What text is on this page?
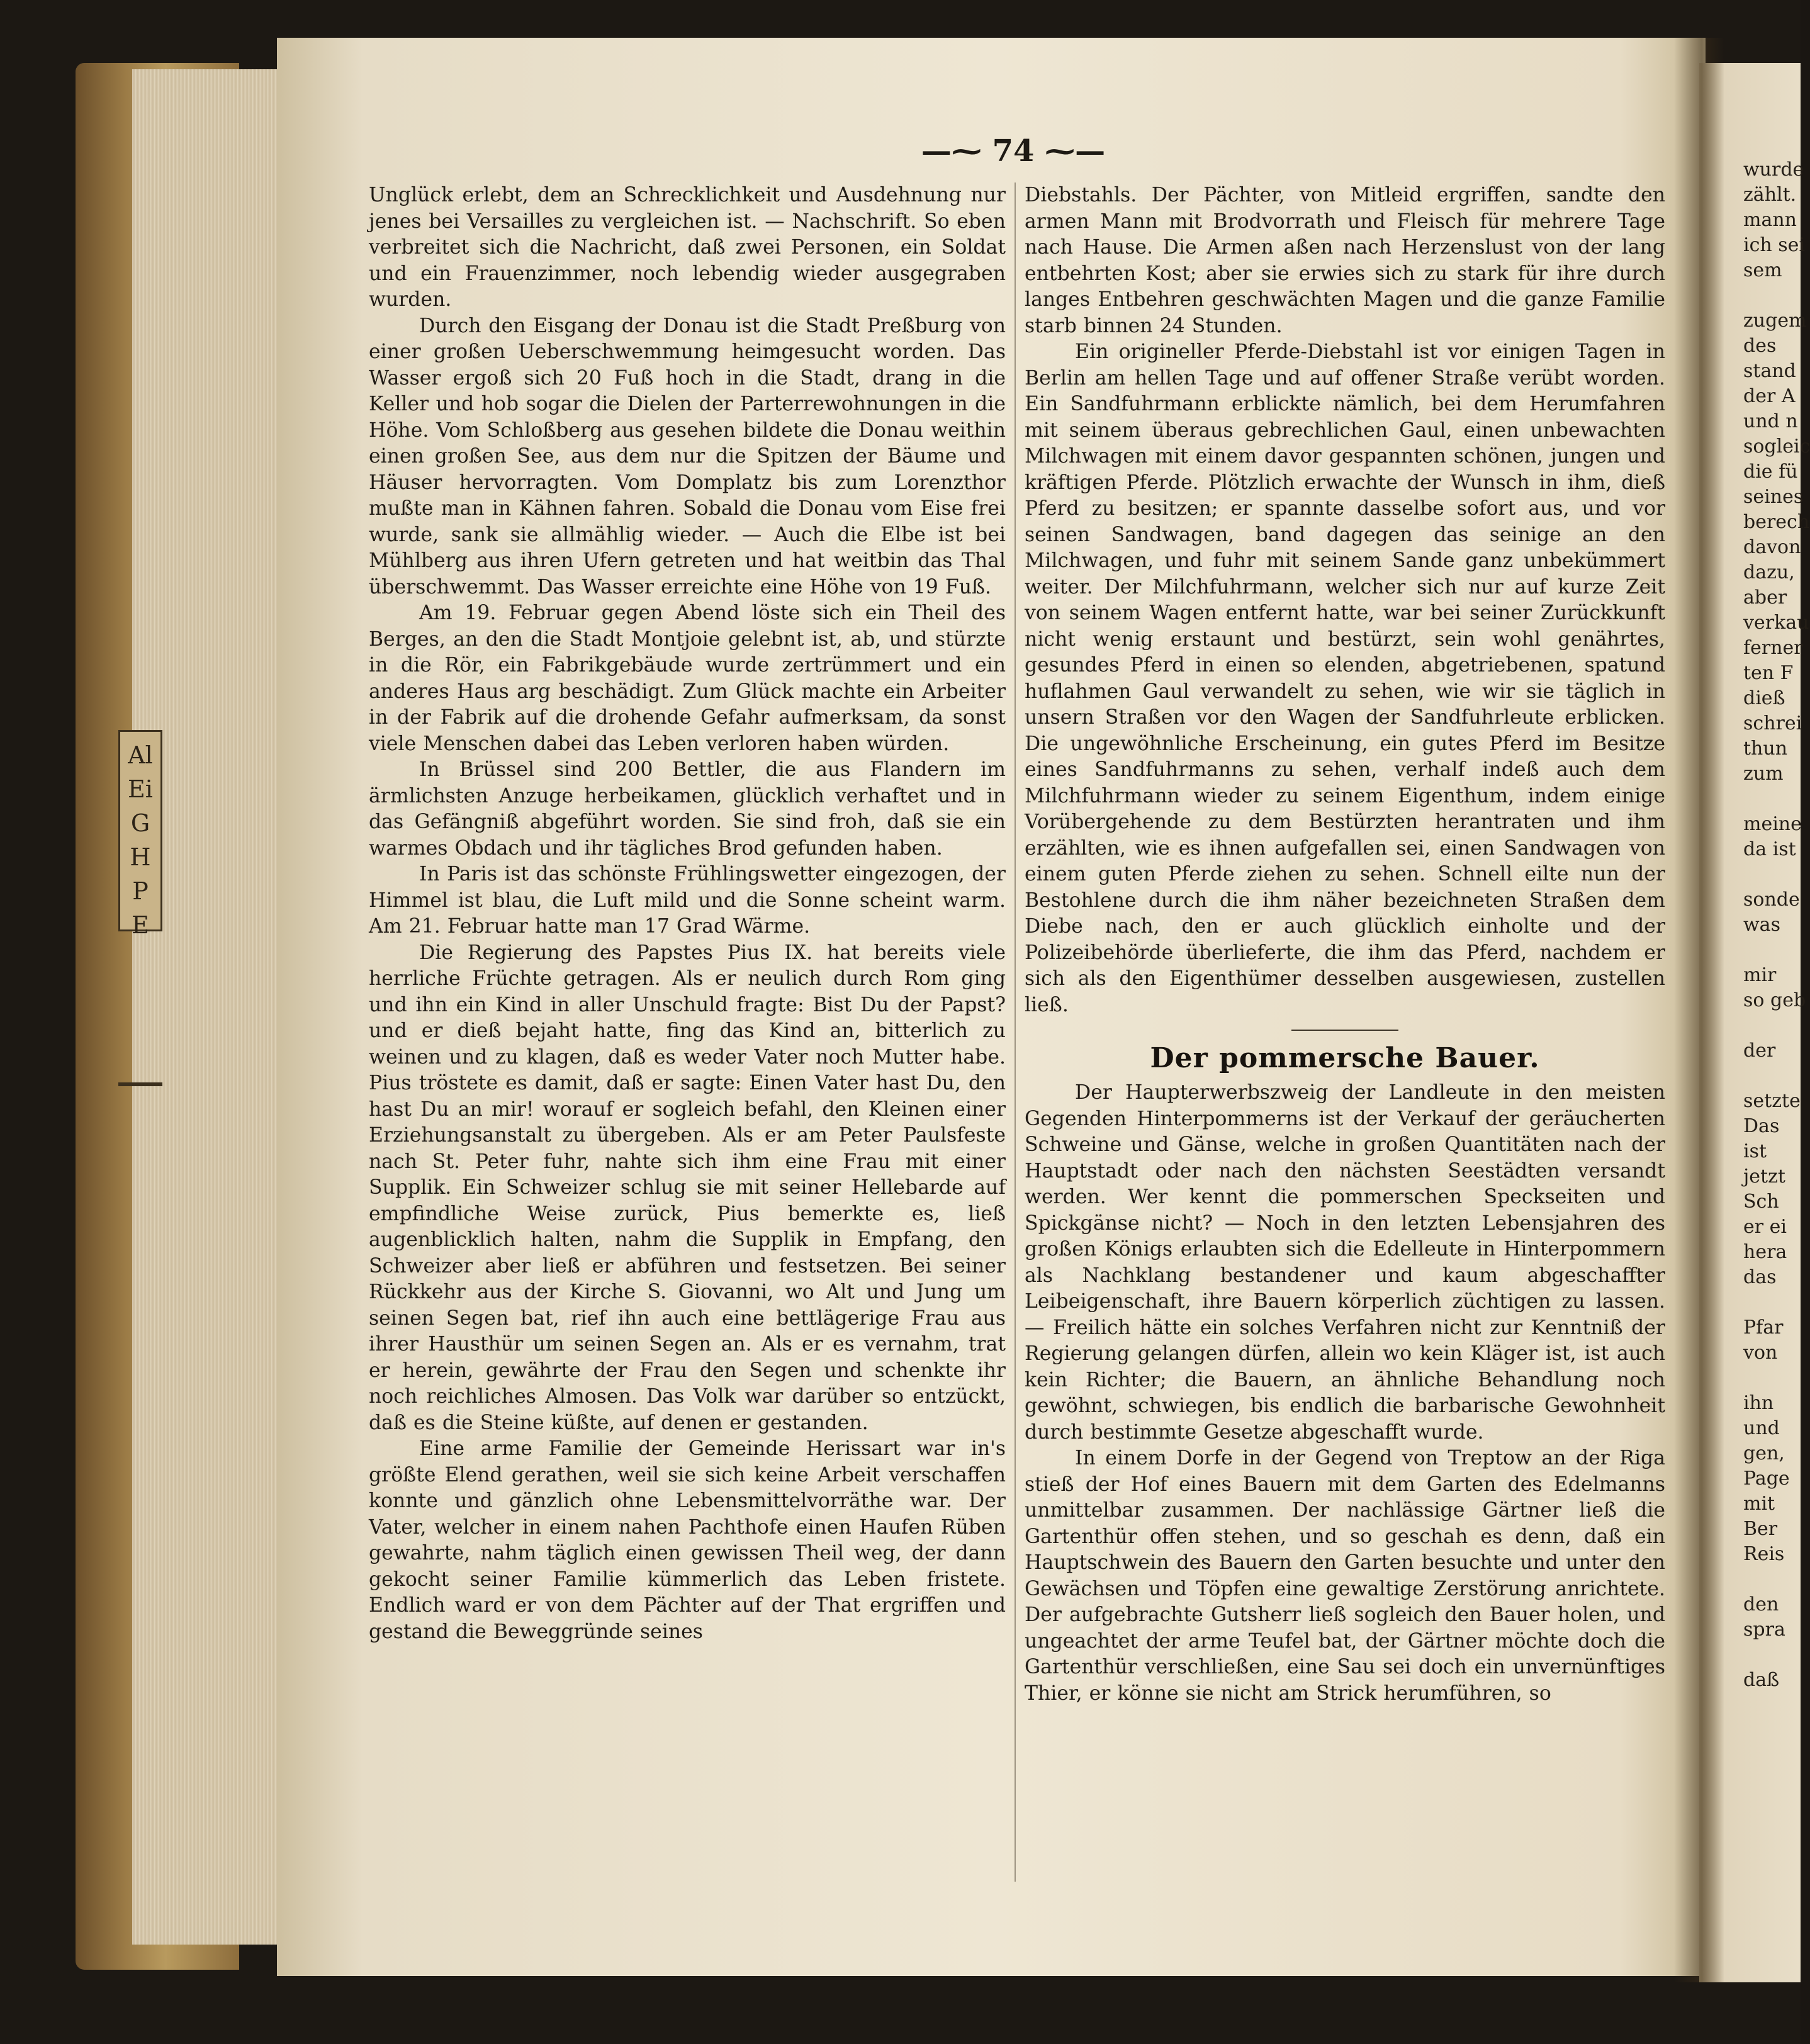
Al
Ei
G
H
P
E
—⁓ 74 ⁓—

Unglück erlebt, dem an Schrecklichkeit und Ausdehnung nur jenes bei Versailles zu vergleichen ist. — Nachschrift. So eben verbreitet sich die Nachricht, daß zwei Personen, ein Soldat und ein Frauenzimmer, noch lebendig wieder ausgegraben wurden.

Durch den Eisgang der Donau ist die Stadt Preßburg von einer großen Ueberschwemmung heimgesucht worden. Das Wasser ergoß sich 20 Fuß hoch in die Stadt, drang in die Keller und hob sogar die Dielen der Parterrewohnungen in die Höhe. Vom Schloßberg aus gesehen bildete die Donau weithin einen großen See, aus dem nur die Spitzen der Bäume und Häuser hervorragten. Vom Domplatz bis zum Lorenzthor mußte man in Kähnen fahren. Sobald die Donau vom Eise frei wurde, sank sie allmählig wieder. — Auch die Elbe ist bei Mühlberg aus ihren Ufern getreten und hat weitbin das Thal überschwemmt. Das Wasser erreichte eine Höhe von 19 Fuß.

Am 19. Februar gegen Abend löste sich ein Theil des Berges, an den die Stadt Montjoie gelebnt ist, ab, und stürzte in die Rör, ein Fabrikgebäude wurde zertrümmert und ein anderes Haus arg beschädigt. Zum Glück machte ein Arbeiter in der Fabrik auf die drohende Gefahr aufmerksam, da sonst viele Menschen dabei das Leben verloren haben würden.

In Brüssel sind 200 Bettler, die aus Flandern im ärmlichsten Anzuge herbeikamen, glücklich verhaftet und in das Gefängniß abgeführt worden. Sie sind froh, daß sie ein warmes Obdach und ihr tägliches Brod gefunden haben.

In Paris ist das schönste Frühlingswetter eingezogen, der Himmel ist blau, die Luft mild und die Sonne scheint warm. Am 21. Februar hatte man 17 Grad Wärme.

Die Regierung des Papstes Pius IX. hat bereits viele herrliche Früchte getragen. Als er neulich durch Rom ging und ihn ein Kind in aller Unschuld fragte: Bist Du der Papst? und er dieß bejaht hatte, fing das Kind an, bitterlich zu weinen und zu klagen, daß es weder Vater noch Mutter habe. Pius tröstete es damit, daß er sagte: Einen Vater hast Du, den hast Du an mir! worauf er sogleich befahl, den Kleinen einer Erziehungsanstalt zu übergeben. Als er am Peter Paulsfeste nach St. Peter fuhr, nahte sich ihm eine Frau mit einer Supplik. Ein Schweizer schlug sie mit seiner Hellebarde auf empfindliche Weise zurück, Pius bemerkte es, ließ augenblicklich halten, nahm die Supplik in Empfang, den Schweizer aber ließ er abführen und festsetzen. Bei seiner Rückkehr aus der Kirche S. Giovanni, wo Alt und Jung um seinen Segen bat, rief ihn auch eine bettlägerige Frau aus ihrer Hausthür um seinen Segen an. Als er es vernahm, trat er herein, gewährte der Frau den Segen und schenkte ihr noch reichliches Almosen. Das Volk war darüber so entzückt, daß es die Steine küßte, auf denen er gestanden.

Eine arme Familie der Gemeinde Herissart war in's größte Elend gerathen, weil sie sich keine Arbeit verschaffen konnte und gänzlich ohne Lebensmittelvorräthe war. Der Vater, welcher in einem nahen Pachthofe einen Haufen Rüben gewahrte, nahm täglich einen gewissen Theil weg, der dann gekocht seiner Familie kümmerlich das Leben fristete. Endlich ward er von dem Pächter auf der That ergriffen und gestand die Beweggründe seines

Diebstahls. Der Pächter, von Mitleid ergriffen, sandte den armen Mann mit Brodvorrath und Fleisch für mehrere Tage nach Hause. Die Armen aßen nach Herzenslust von der lang entbehrten Kost; aber sie erwies sich zu stark für ihre durch langes Entbehren geschwächten Magen und die ganze Familie starb binnen 24 Stunden.

Ein origineller Pferde-Diebstahl ist vor einigen Tagen in Berlin am hellen Tage und auf offener Straße verübt worden. Ein Sandfuhrmann erblickte nämlich, bei dem Herumfahren mit seinem überaus gebrechlichen Gaul, einen unbewachten Milchwagen mit einem davor gespannten schönen, jungen und kräftigen Pferde. Plötzlich erwachte der Wunsch in ihm, dieß Pferd zu besitzen; er spannte dasselbe sofort aus, und vor seinen Sandwagen, band dagegen das seinige an den Milchwagen, und fuhr mit seinem Sande ganz unbekümmert weiter. Der Milchfuhrmann, welcher sich nur auf kurze Zeit von seinem Wagen entfernt hatte, war bei seiner Zurückkunft nicht wenig erstaunt und bestürzt, sein wohl genährtes, gesundes Pferd in einen so elenden, abgetriebenen, spatund huflahmen Gaul verwandelt zu sehen, wie wir sie täglich in unsern Straßen vor den Wagen der Sandfuhrleute erblicken. Die ungewöhnliche Erscheinung, ein gutes Pferd im Besitze eines Sandfuhrmanns zu sehen, verhalf indeß auch dem Milchfuhrmann wieder zu seinem Eigenthum, indem einige Vorübergehende zu dem Bestürzten herantraten und ihm erzählten, wie es ihnen aufgefallen sei, einen Sandwagen von einem guten Pferde ziehen zu sehen. Schnell eilte nun der Bestohlene durch die ihm näher bezeichneten Straßen dem Diebe nach, den er auch glücklich einholte und der Polizeibehörde überlieferte, die ihm das Pferd, nachdem er sich als den Eigenthümer desselben ausgewiesen, zustellen ließ.

Der pommersche Bauer.

Der Haupterwerbszweig der Landleute in den meisten Gegenden Hinterpommerns ist der Verkauf der geräucherten Schweine und Gänse, welche in großen Quantitäten nach der Hauptstadt oder nach den nächsten Seestädten versandt werden. Wer kennt die pommerschen Speckseiten und Spickgänse nicht? — Noch in den letzten Lebensjahren des großen Königs erlaubten sich die Edelleute in Hinterpommern als Nachklang bestandener und kaum abgeschaffter Leibeigenschaft, ihre Bauern körperlich züchtigen zu lassen. — Freilich hätte ein solches Verfahren nicht zur Kenntniß der Regierung gelangen dürfen, allein wo kein Kläger ist, ist auch kein Richter; die Bauern, an ähnliche Behandlung noch gewöhnt, schwiegen, bis endlich die barbarische Gewohnheit durch bestimmte Gesetze abgeschafft wurde.

In einem Dorfe in der Gegend von Treptow an der Riga stieß der Hof eines Bauern mit dem Garten des Edelmanns unmittelbar zusammen. Der nachlässige Gärtner ließ die Gartenthür offen stehen, und so geschah es denn, daß ein Hauptschwein des Bauern den Garten besuchte und unter den Gewächsen und Töpfen eine gewaltige Zerstörung anrichtete. Der aufgebrachte Gutsherr ließ sogleich den Bauer holen, und ungeachtet der arme Teufel bat, der Gärtner möchte doch die Gartenthür verschließen, eine Sau sei doch ein unvernünftiges Thier, er könne sie nicht am Strick herumführen, so

wurde
zählt.
mann
ich sei
sem

zugem
des
stand
der A
und n
sogleic
die fü
seines
berech
davon
dazu,
aber
verkau
ferner
ten F
dieß
schrei
thun
zum

meine
da ist

sonde
was

mir
so geb

der

setzte
Das
ist
jetzt
Sch
er ei
hera
das

Pfar
von

ihn
und
gen,
Page
mit
Ber
Reis

den
spra

daß
